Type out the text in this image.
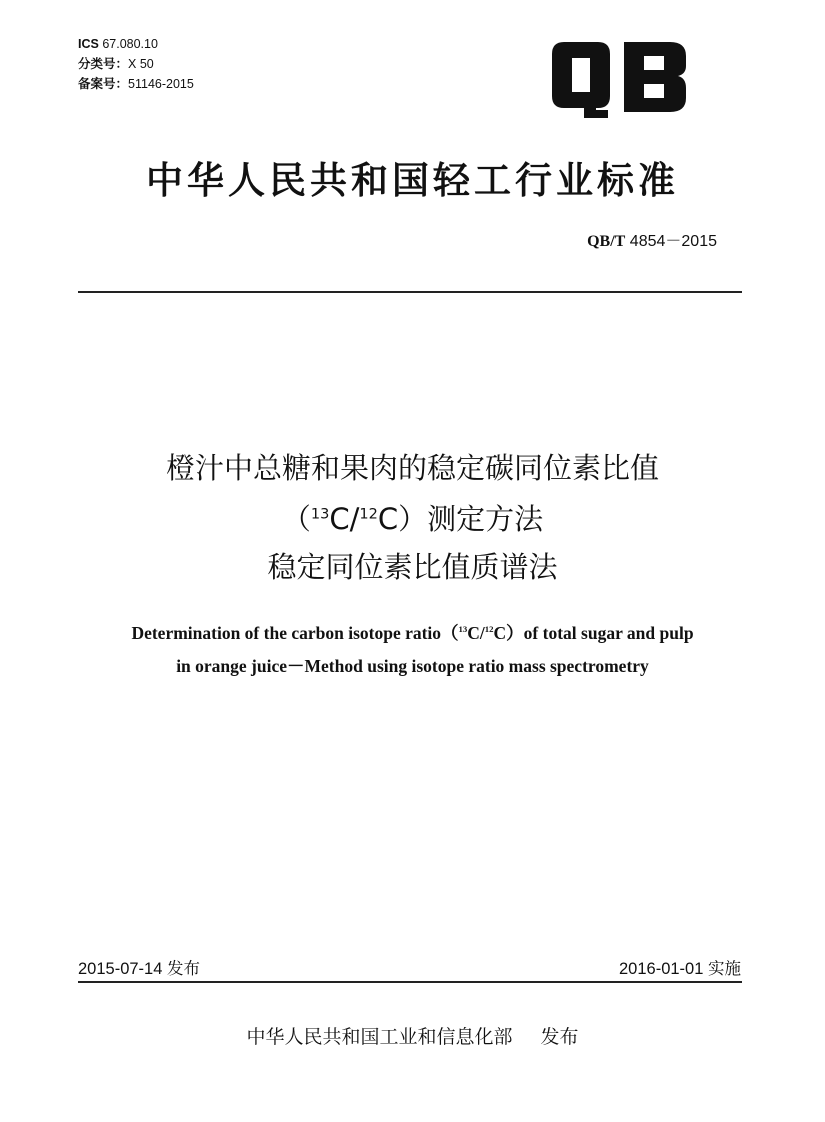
ICS 67.080.10
分类号：X 50
备案号：51146-2015
中华人民共和国轻工行业标准
QB/T 4854－2015
橙汁中总糖和果肉的稳定碳同位素比值
（$^{13}$C/$^{12}$C）测定方法
稳定同位素比值质谱法
Determination of the carbon isotope ratio（$^{13}$C/$^{12}$C）of total sugar and pulp
in orange juice－Method using isotope ratio mass spectrometry
2015-07-14 发布	2016-01-01 实施
中华人民共和国工业和信息化部 发布
